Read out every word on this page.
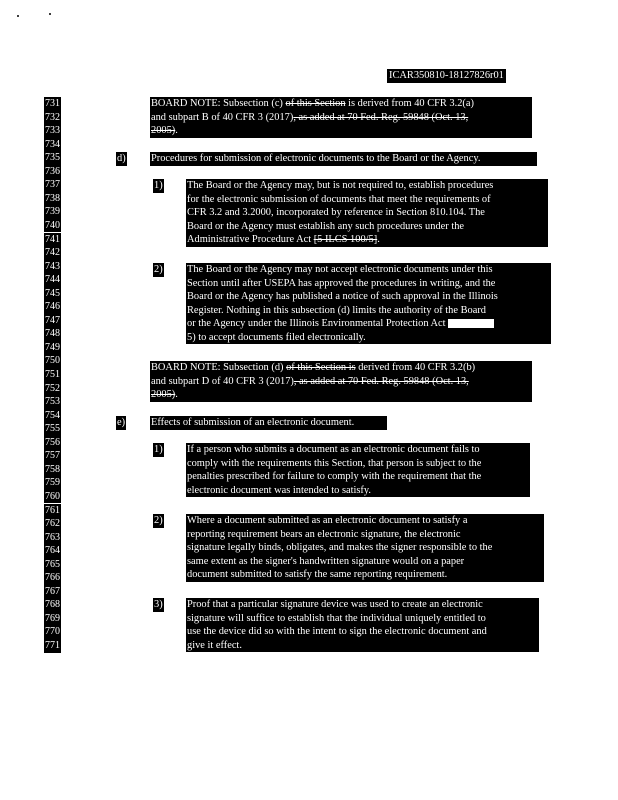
ICAR350810-18127826r01
731
732
733
734
735
736
737
738
739
740
741
742
743
744
745
746
747
748
749
750
751
752
753
754
755
756
757
758
759
760
761
762
763
764
765
766
767
768
769
770
771
BOARD NOTE: Subsection (c) of this Section is derived from 40 CFR 3.2(a)
and subpart B of 40 CFR 3 (2017), as added at 70 Fed. Reg. 59848 (Oct. 13,
2005).
d) Procedures for submission of electronic documents to the Board or the Agency.
1) The Board or the Agency may, but is not required to, establish procedures
for the electronic submission of documents that meet the requirements of
CFR 3.2 and 3.2000, incorporated by reference in Section 810.104. The
Board or the Agency must establish any such procedures under the
Administrative Procedure Act [5 ILCS 100/5].
2) The Board or the Agency may not accept electronic documents under this
Section until after USEPA has approved the procedures in writing, and the
Board or the Agency has published a notice of such approval in the Illinois
Register. Nothing in this subsection (d) limits the authority of the Board
or the Agency under the Illinois Environmental Protection Act
5) to accept documents filed electronically.
BOARD NOTE: Subsection (d) of this Section is derived from 40 CFR 3.2(b)
and subpart D of 40 CFR 3 (2017), as added at 70 Fed. Reg. 59848 (Oct. 13,
2005).
e) Effects of submission of an electronic document.
1) If a person who submits a document as an electronic document fails to
comply with the requirements this Section, that person is subject to the
penalties prescribed for failure to comply with the requirement that the
electronic document was intended to satisfy.
2) Where a document submitted as an electronic document to satisfy a
reporting requirement bears an electronic signature, the electronic
signature legally binds, obligates, and makes the signer responsible to the
same extent as the signer's handwritten signature would on a paper
document submitted to satisfy the same reporting requirement.
3) Proof that a particular signature device was used to create an electronic
signature will suffice to establish that the individual uniquely entitled to
use the device did so with the intent to sign the electronic document and
give it effect.
